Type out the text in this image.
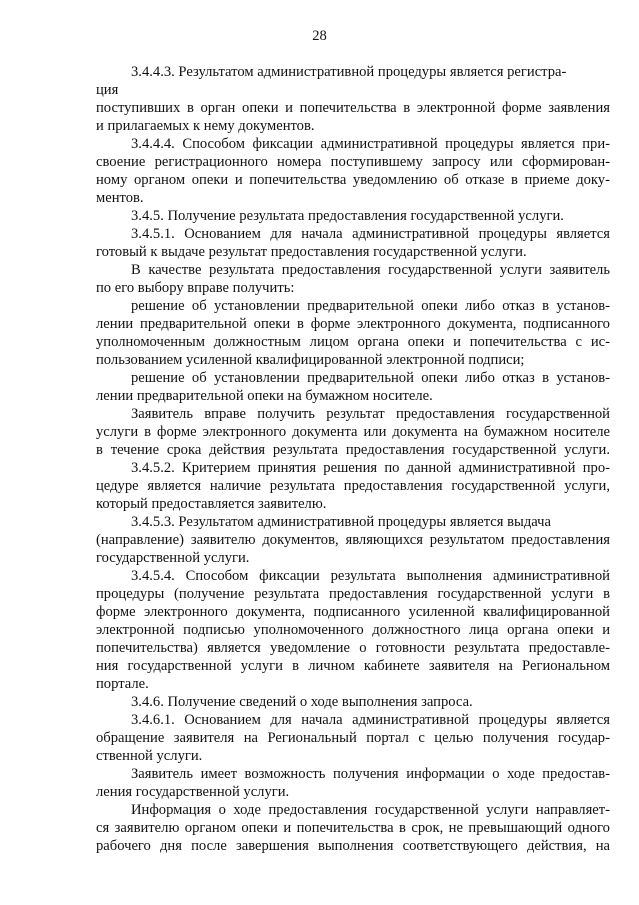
28
3.4.4.3. Результатом административной процедуры является регистра-
ция
поступивших в орган опеки и попечительства в электронной форме заявления
и прилагаемых к нему документов.
3.4.4.4. Способом фиксации административной процедуры является при-
своение регистрационного номера поступившему запросу или сформирован-
ному органом опеки и попечительства уведомлению об отказе в приеме доку-
ментов.
3.4.5. Получение результата предоставления государственной услуги.
3.4.5.1. Основанием для начала административной процедуры является
готовый к выдаче результат предоставления государственной услуги.
В качестве результата предоставления государственной услуги заявитель
по его выбору вправе получить:
решение об установлении предварительной опеки либо отказ в установ-
лении предварительной опеки в форме электронного документа, подписанного
уполномоченным должностным лицом органа опеки и попечительства с ис-
пользованием усиленной квалифицированной электронной подписи;
решение об установлении предварительной опеки либо отказ в установ-
лении предварительной опеки на бумажном носителе.
Заявитель вправе получить результат предоставления государственной
услуги в форме электронного документа или документа на бумажном носителе
в течение срока действия результата предоставления государственной услуги.
3.4.5.2. Критерием принятия решения по данной административной про-
цедуре является наличие результата предоставления государственной услуги,
который предоставляется заявителю.
3.4.5.3. Результатом административной процедуры является выдача
(направление) заявителю документов, являющихся результатом предоставления
государственной услуги.
3.4.5.4. Способом фиксации результата выполнения административной
процедуры (получение результата предоставления государственной услуги в
форме электронного документа, подписанного усиленной квалифицированной
электронной подписью уполномоченного должностного лица органа опеки и
попечительства) является уведомление о готовности результата предоставле-
ния государственной услуги в личном кабинете заявителя на Региональном
портале.
3.4.6. Получение сведений о ходе выполнения запроса.
3.4.6.1. Основанием для начала административной процедуры является
обращение заявителя на Региональный портал с целью получения государ-
ственной услуги.
Заявитель имеет возможность получения информации о ходе предостав-
ления государственной услуги.
Информация о ходе предоставления государственной услуги направляет-
ся заявителю органом опеки и попечительства в срок, не превышающий одного
рабочего дня после завершения выполнения соответствующего действия, на
